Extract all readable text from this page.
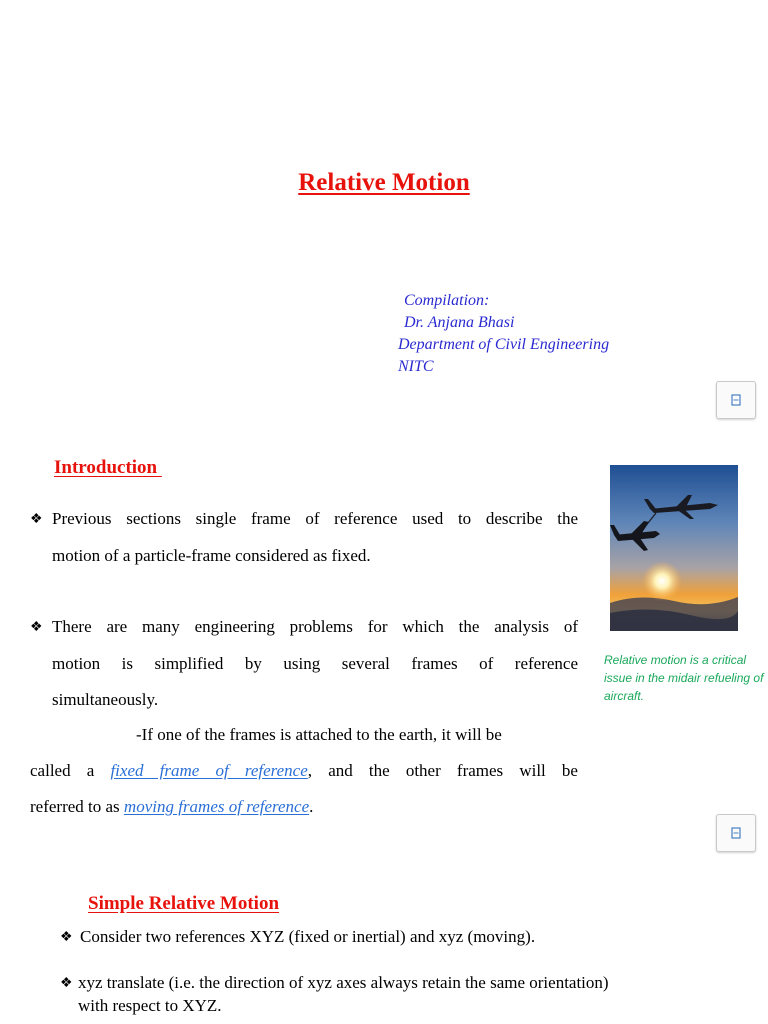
Relative Motion
Compilation:
Dr. Anjana Bhasi
Department of Civil Engineering
NITC
Introduction
❖ Previous sections single frame of reference used to describe the
motion of a particle-frame considered as fixed.
❖ There are many engineering problems for which the analysis of
motion is simplified by using several frames of reference
simultaneously.
-If one of the frames is attached to the earth, it will be
called a fixed frame of reference, and the other frames will be
referred to as moving frames of reference.
Relative motion is a critical issue in the midair refueling of aircraft.
Simple Relative Motion
❖ Consider two references XYZ (fixed or inertial) and xyz (moving).
❖ xyz translate (i.e. the direction of xyz axes always retain the same orientation)
with respect to XYZ.
